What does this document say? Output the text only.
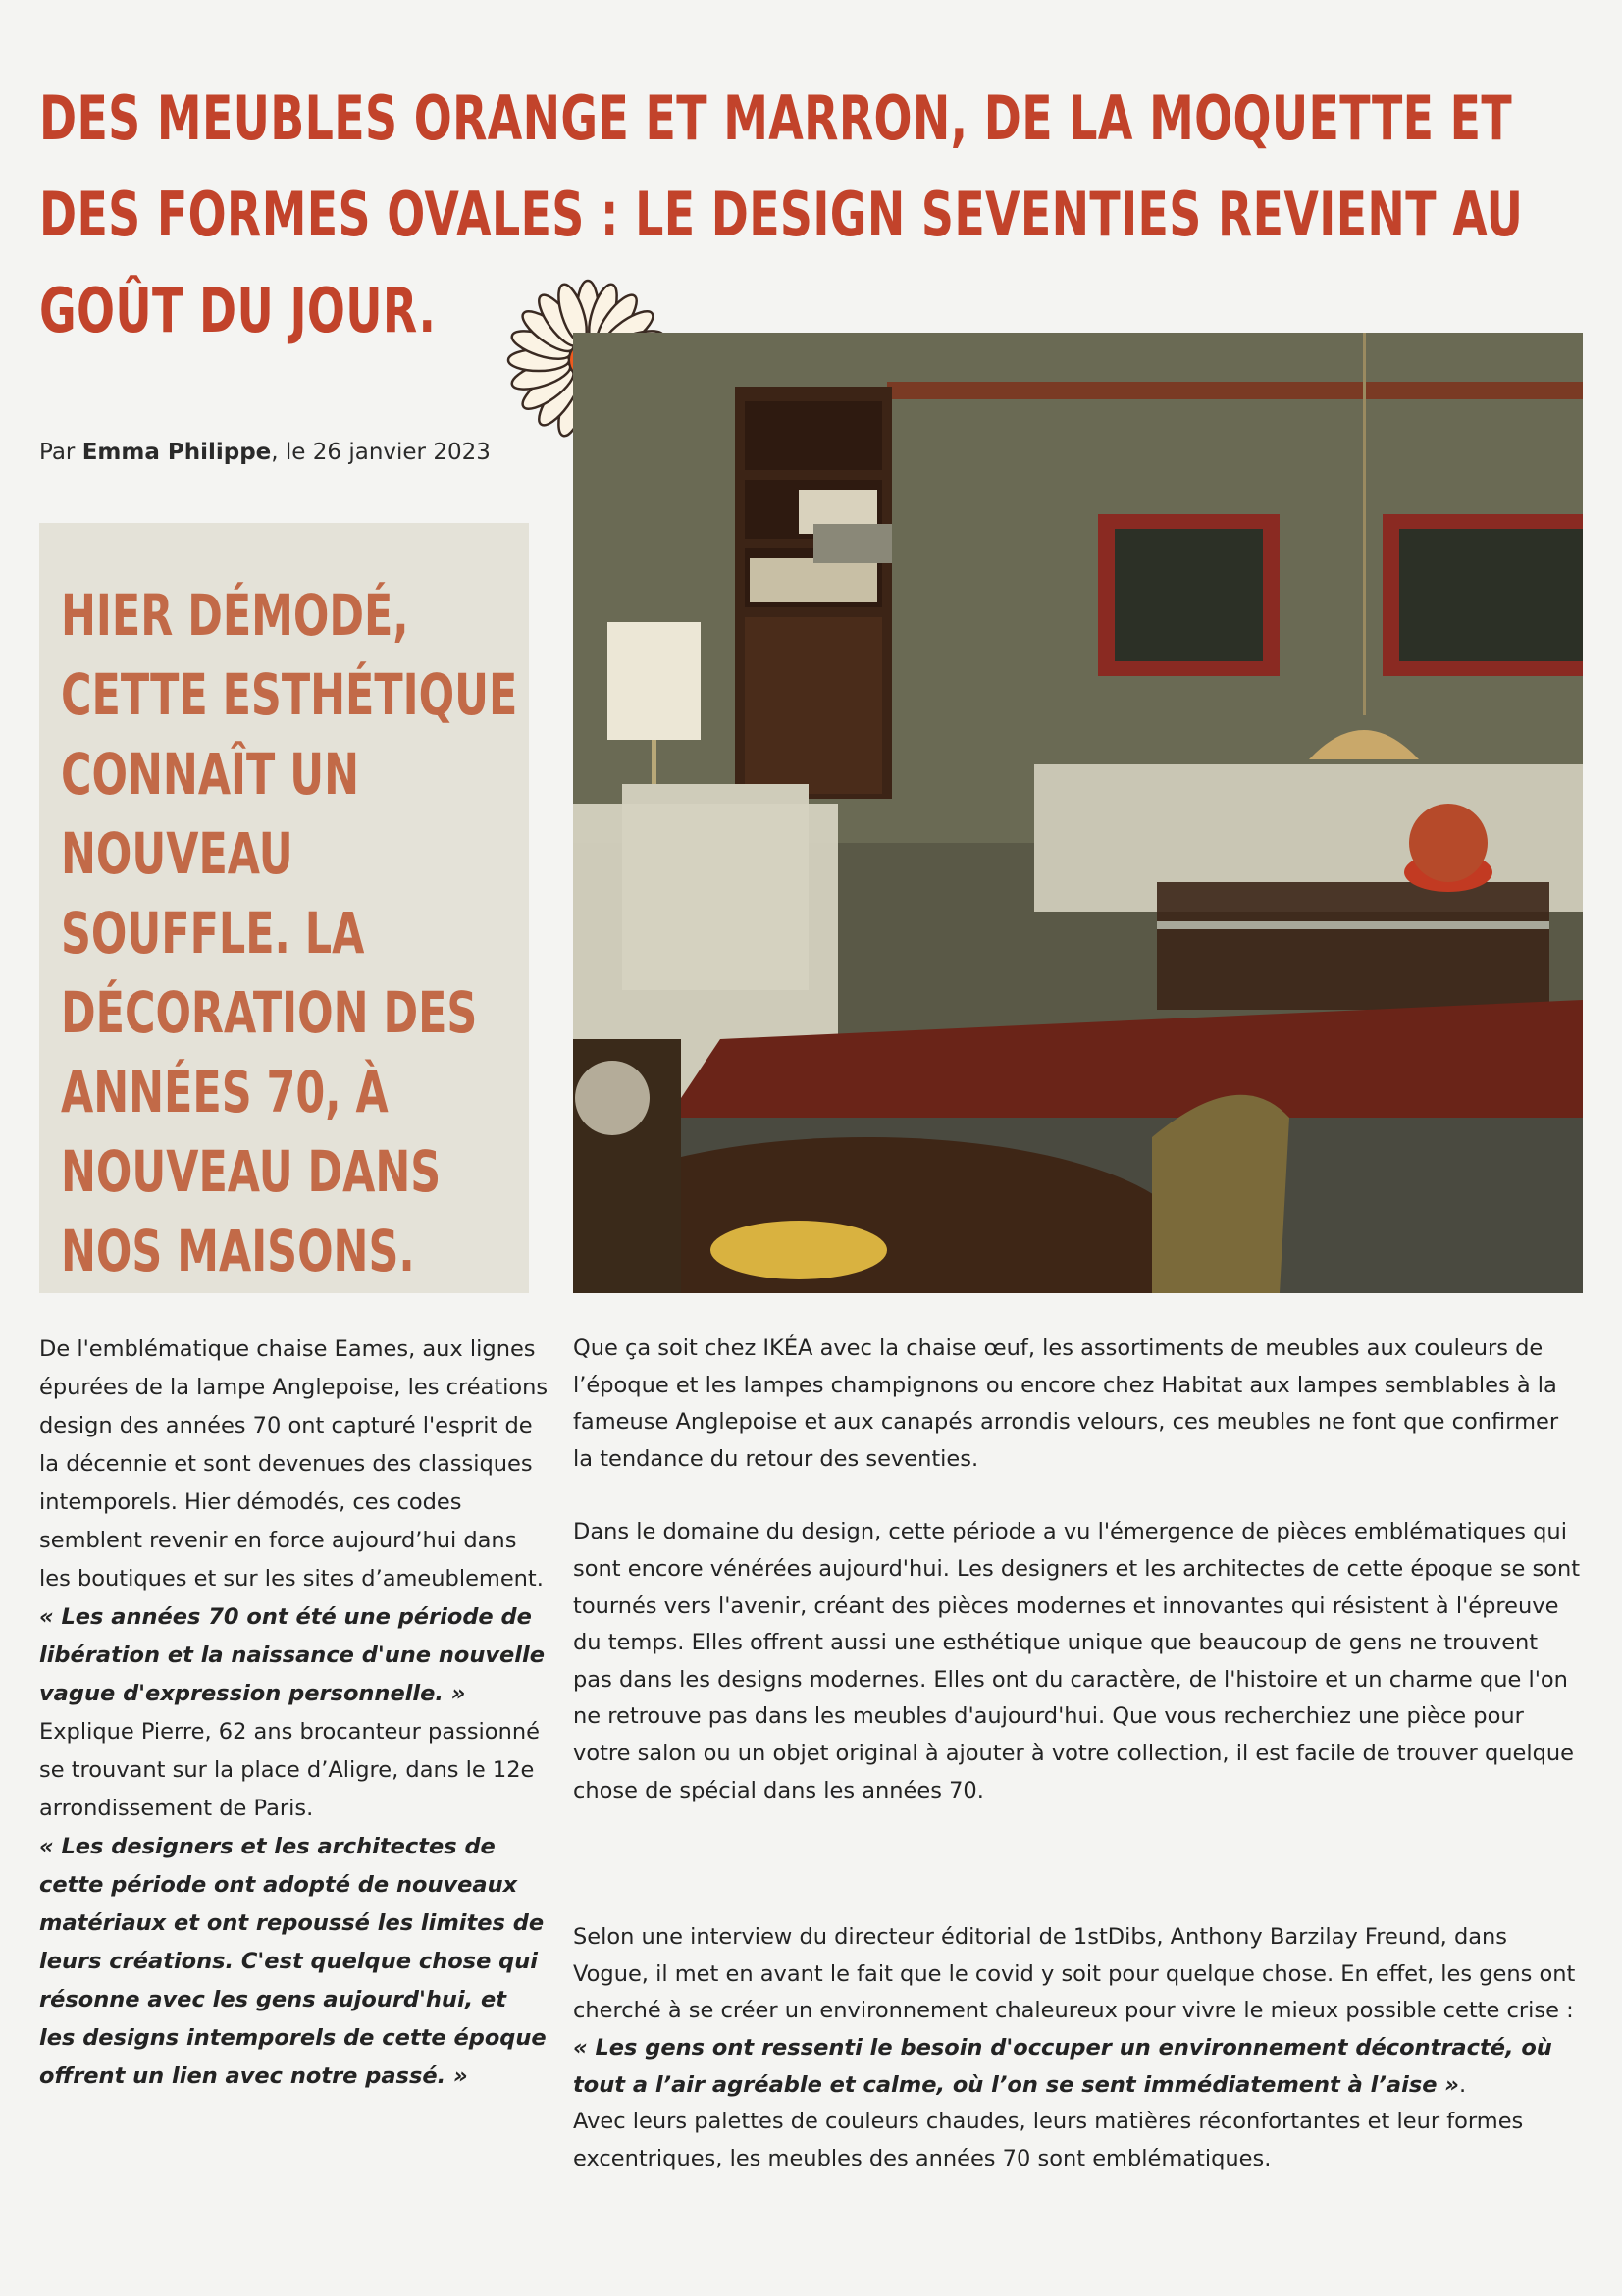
DES MEUBLES ORANGE ET MARRON, DE LA MOQUETTE ET DES FORMES OVALES : LE DESIGN SEVENTIES REVIENT AU GOÛT DU JOUR.

Par Emma Philippe, le 26 janvier 2023

HIER DÉMODÉ, CETTE ESTHÉTIQUE CONNAÎT UN NOUVEAU SOUFFLE. LA DÉCORATION DES ANNÉES 70, À NOUVEAU DANS NOS MAISONS.

De l'emblématique chaise Eames, aux lignes épurées de la lampe Anglepoise, les créations design des années 70 ont capturé l'esprit de la décennie et sont devenues des classiques intemporels. Hier démodés, ces codes semblent revenir en force aujourd’hui dans les boutiques et sur les sites d’ameublement. « Les années 70 ont été une période de libération et la naissance d'une nouvelle vague d'expression personnelle. » Explique Pierre, 62 ans brocanteur passionné se trouvant sur la place d’Aligre, dans le 12e arrondissement de Paris.
« Les designers et les architectes de cette période ont adopté de nouveaux matériaux et ont repoussé les limites de leurs créations. C'est quelque chose qui résonne avec les gens aujourd'hui, et les designs intemporels de cette époque offrent un lien avec notre passé. »

Que ça soit chez IKÉA avec la chaise œuf, les assortiments de meubles aux couleurs de l’époque et les lampes champignons ou encore chez Habitat aux lampes semblables à la fameuse Anglepoise et aux canapés arrondis velours, ces meubles ne font que confirmer la tendance du retour des seventies.

Dans le domaine du design, cette période a vu l'émergence de pièces emblématiques qui sont encore vénérées aujourd'hui. Les designers et les architectes de cette époque se sont tournés vers l'avenir, créant des pièces modernes et innovantes qui résistent à l'épreuve du temps. Elles offrent aussi une esthétique unique que beaucoup de gens ne trouvent pas dans les designs modernes. Elles ont du caractère, de l'histoire et un charme que l'on ne retrouve pas dans les meubles d'aujourd'hui. Que vous recherchiez une pièce pour votre salon ou un objet original à ajouter à votre collection, il est facile de trouver quelque chose de spécial dans les années 70.

Selon une interview du directeur éditorial de 1stDibs, Anthony Barzilay Freund, dans Vogue, il met en avant le fait que le covid y soit pour quelque chose. En effet, les gens ont cherché à se créer un environnement chaleureux pour vivre le mieux possible cette crise : « Les gens ont ressenti le besoin d'occuper un environnement décontracté, où tout a l’air agréable et calme, où l’on se sent immédiatement à l’aise ».

Avec leurs palettes de couleurs chaudes, leurs matières réconfortantes et leur formes excentriques, les meubles des années 70 sont emblématiques.
